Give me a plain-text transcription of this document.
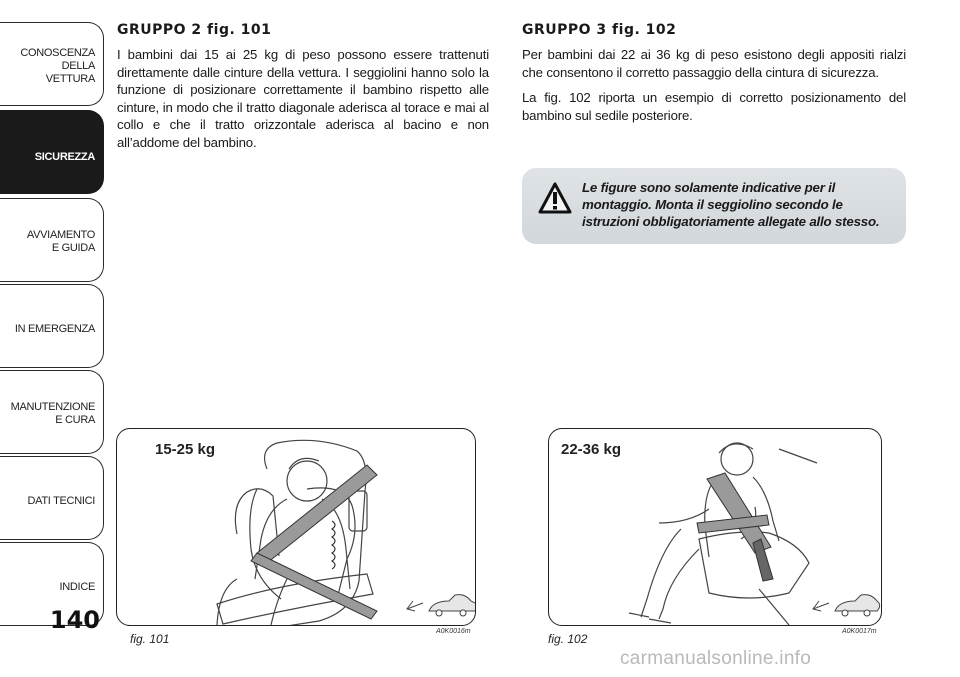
CONOSCENZA
DELLA
VETTURA
SICUREZZA
AVVIAMENTO
E GUIDA
IN EMERGENZA
MANUTENZIONE
E CURA
DATI TECNICI
INDICE
140

GRUPPO 2 fig. 101

I bambini dai 15 ai 25 kg di peso possono essere trattenuti direttamente dalle cinture della vettura. I seggiolini hanno solo la funzione di posizionare correttamente il bambino rispetto alle cinture, in modo che il tratto diagonale aderisca al torace e mai al collo e che il tratto orizzontale aderisca al bacino e non all’addome del bambino.

GRUPPO 3 fig. 102

Per bambini dai 22 ai 36 kg di peso esistono degli appositi rialzi che consentono il corretto passaggio della cintura di sicurezza.

La fig. 102 riporta un esempio di corretto posizionamento del bambino sul sedile posteriore.

Le figure sono solamente indicative per il montaggio. Monta il seggiolino secondo le istruzioni obbligatoriamente allegate allo stesso.
15-25 kg
fig. 101
A0K0016m
22-36 kg
fig. 102
A0K0017m
carmanualsonline.info
